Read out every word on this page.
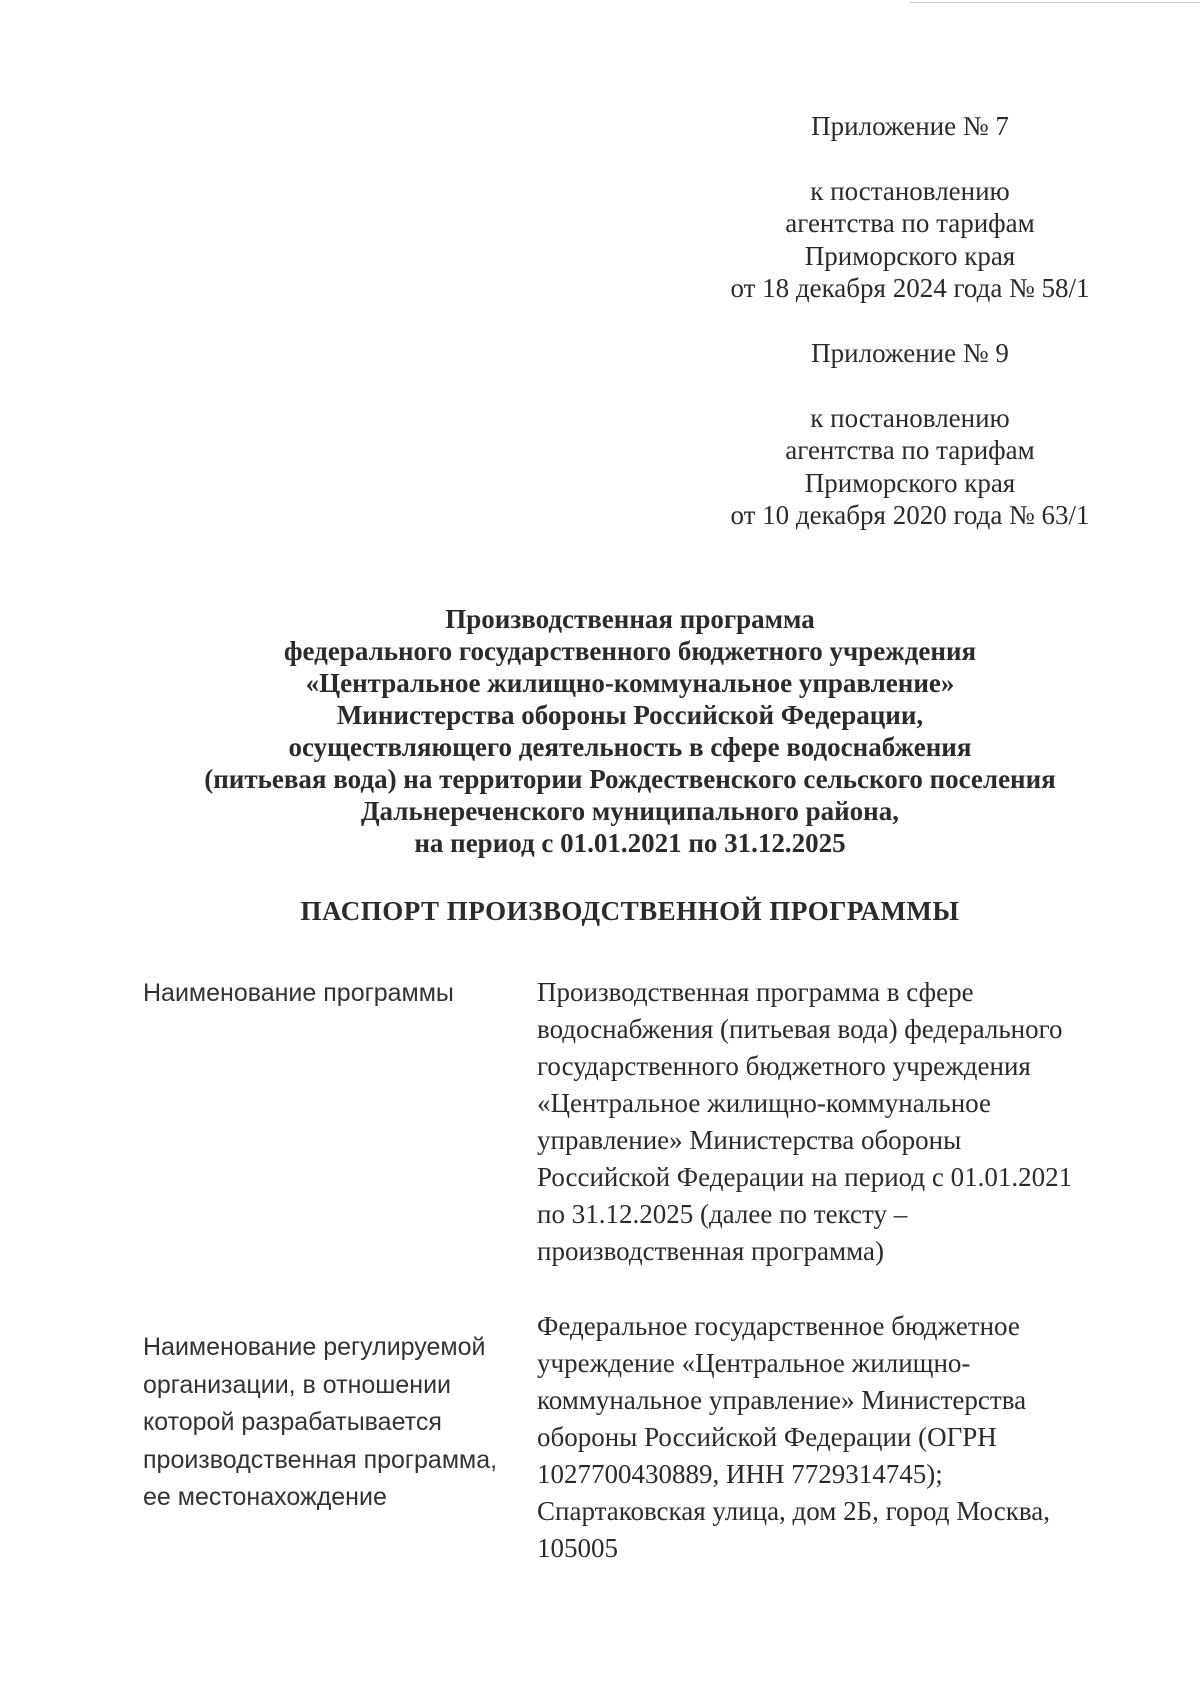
Приложение № 7
к постановлению
агентства по тарифам
Приморского края
от 18 декабря 2024 года № 58/1
Приложение № 9
к постановлению
агентства по тарифам
Приморского края
от 10 декабря 2020 года № 63/1
Производственная программа
федерального государственного бюджетного учреждения
«Центральное жилищно-коммунальное управление»
Министерства обороны Российской Федерации,
осуществляющего деятельность в сфере водоснабжения
(питьевая вода) на территории Рождественского сельского поселения
Дальнереченского муниципального района,
на период с 01.01.2021 по 31.12.2025
ПАСПОРТ ПРОИЗВОДСТВЕННОЙ ПРОГРАММЫ
Наименование программы	Производственная программа в сфере
водоснабжения (питьевая вода) федерального
государственного бюджетного учреждения
«Центральное жилищно-коммунальное
управление» Министерства обороны
Российской Федерации на период с 01.01.2021
по 31.12.2025 (далее по тексту –
производственная программа)
Наименование регулируемой
организации, в отношении
которой разрабатывается
производственная программа,
ее местонахождение
Федеральное государственное бюджетное
учреждение «Центральное жилищно-
коммунальное управление» Министерства
обороны Российской Федерации (ОГРН
1027700430889, ИНН 7729314745);
Спартаковская улица, дом 2Б, город Москва,
105005
